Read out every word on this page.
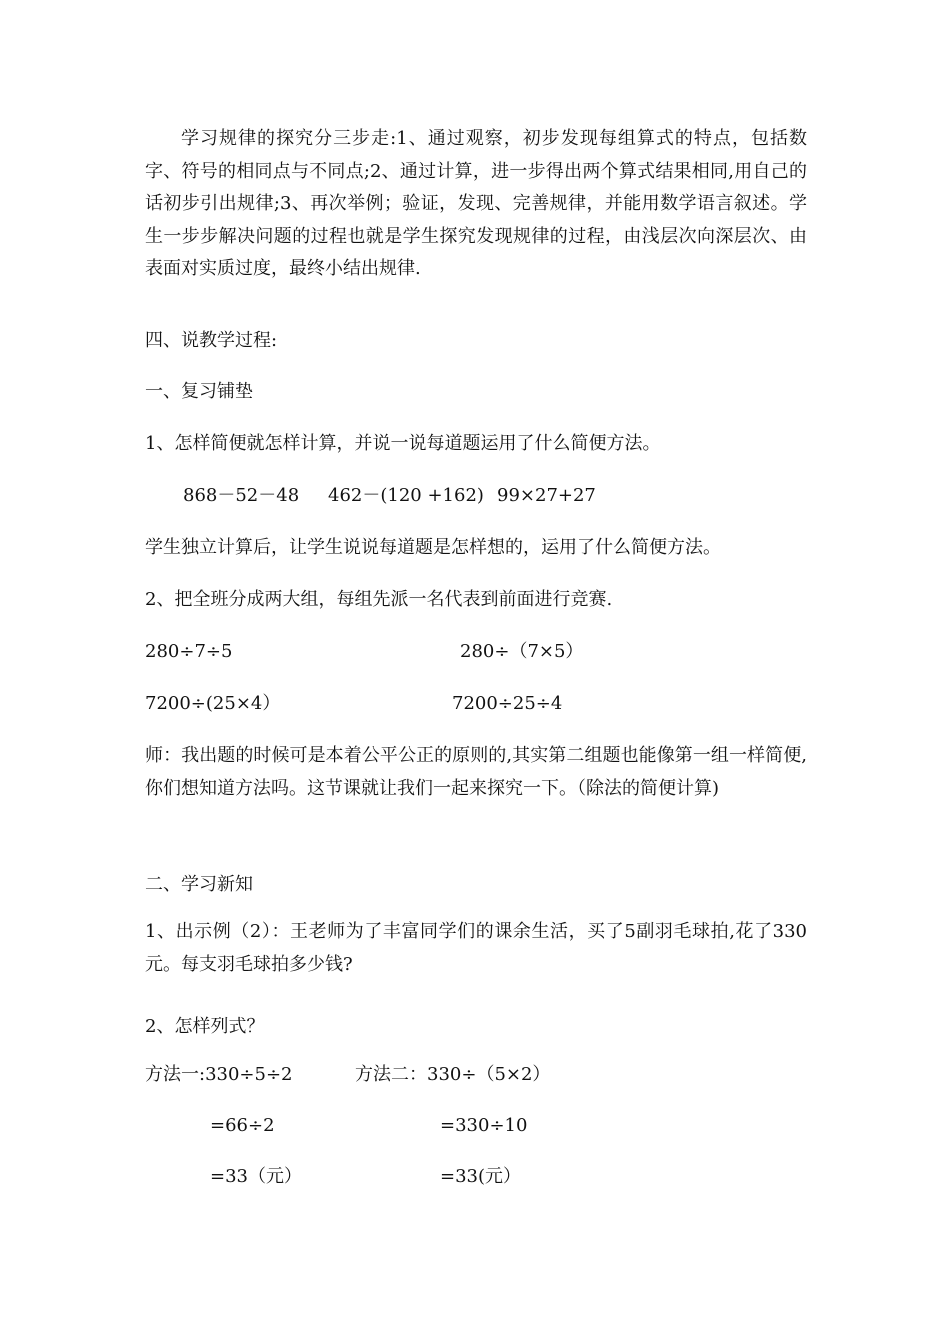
学习规律的探究分三步走:1、通过观察，初步发现每组算式的特点，包括数字、符号的相同点与不同点;2、通过计算，进一步得出两个算式结果相同,用自己的话初步引出规律;3、再次举例；验证，发现、完善规律，并能用数学语言叙述。学生一步步解决问题的过程也就是学生探究发现规律的过程，由浅层次向深层次、由表面对实质过度，最终小结出规律.

四、说教学过程:

一、复习铺垫

1、怎样简便就怎样计算，并说一说每道题运用了什么简便方法。

868－52－48 462－(120 +162) 99×27+27

学生独立计算后，让学生说说每道题是怎样想的，运用了什么简便方法。

2、把全班分成两大组，每组先派一名代表到前面进行竞赛.

280÷7÷5	280÷（7×5）

7200÷(25×4）	7200÷25÷4

师：我出题的时候可是本着公平公正的原则的,其实第二组题也能像第一组一样简便,你们想知道方法吗。这节课就让我们一起来探究一下。（除法的简便计算)

二、学习新知

1、出示例（2）：王老师为了丰富同学们的课余生活，买了5副羽毛球拍,花了330元。每支羽毛球拍多少钱?

2、怎样列式？

方法一:330÷5÷2	方法二：330÷（5×2）

=66÷2	=330÷10

=33（元）	=33(元）
